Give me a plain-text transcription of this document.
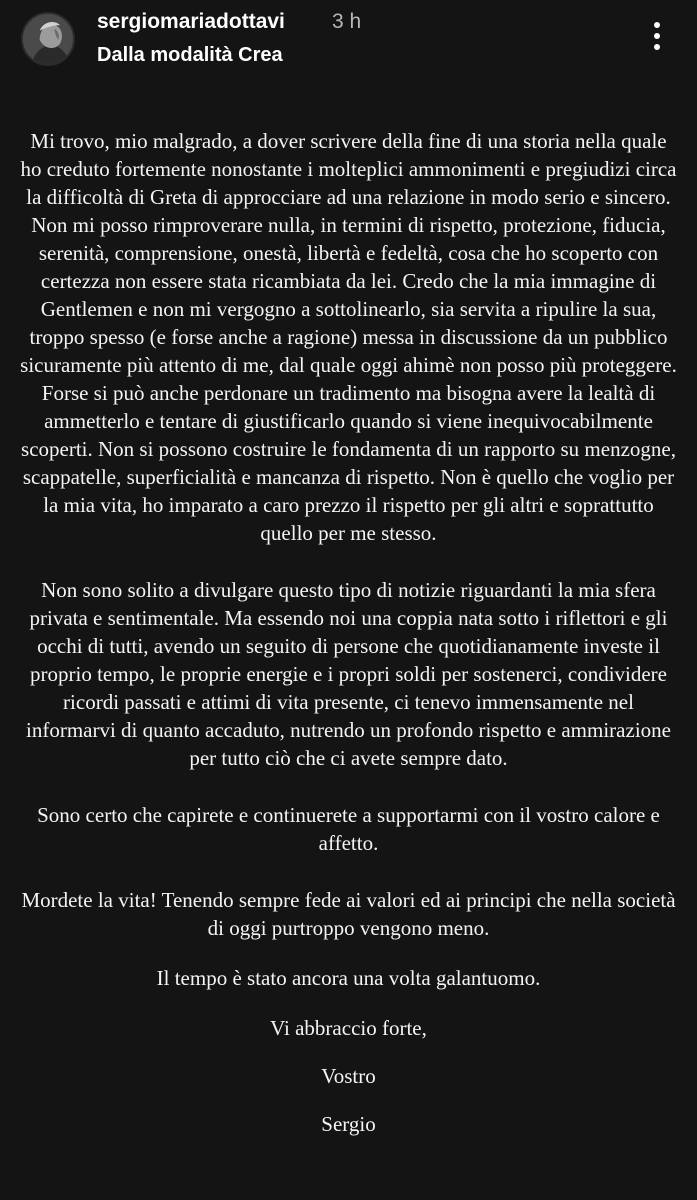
sergiomariadottavi 3 h
Dalla modalità Crea

Mi trovo, mio malgrado, a dover scrivere della fine di una storia nella quale ho creduto fortemente nonostante i molteplici ammonimenti e pregiudizi circa la difficoltà di Greta di approcciare ad una relazione in modo serio e sincero.

Non mi posso rimproverare nulla, in termini di rispetto, protezione, fiducia, serenità, comprensione, onestà, libertà e fedeltà, cosa che ho scoperto con certezza non essere stata ricambiata da lei. Credo che la mia immagine di Gentlemen e non mi vergogno a sottolinearlo, sia servita a ripulire la sua, troppo spesso (e forse anche a ragione) messa in discussione da un pubblico sicuramente più attento di me, dal quale oggi ahimè non posso più proteggere. Forse si può anche perdonare un tradimento ma bisogna avere la lealtà di ammetterlo e tentare di giustificarlo quando si viene inequivocabilmente scoperti. Non si possono costruire le fondamenta di un rapporto su menzogne, scappatelle, superficialità e mancanza di rispetto. Non è quello che voglio per la mia vita, ho imparato a caro prezzo il rispetto per gli altri e soprattutto quello per me stesso.

Non sono solito a divulgare questo tipo di notizie riguardanti la mia sfera privata e sentimentale. Ma essendo noi una coppia nata sotto i riflettori e gli occhi di tutti, avendo un seguito di persone che quotidianamente investe il proprio tempo, le proprie energie e i propri soldi per sostenerci, condividere ricordi passati e attimi di vita presente, ci tenevo immensamente nel informarvi di quanto accaduto, nutrendo un profondo rispetto e ammirazione per tutto ciò che ci avete sempre dato.

Sono certo che capirete e continuerete a supportarmi con il vostro calore e affetto.

Mordete la vita! Tenendo sempre fede ai valori ed ai principi che nella società di oggi purtroppo vengono meno.

Il tempo è stato ancora una volta galantuomo.

Vi abbraccio forte,

Vostro

Sergio
